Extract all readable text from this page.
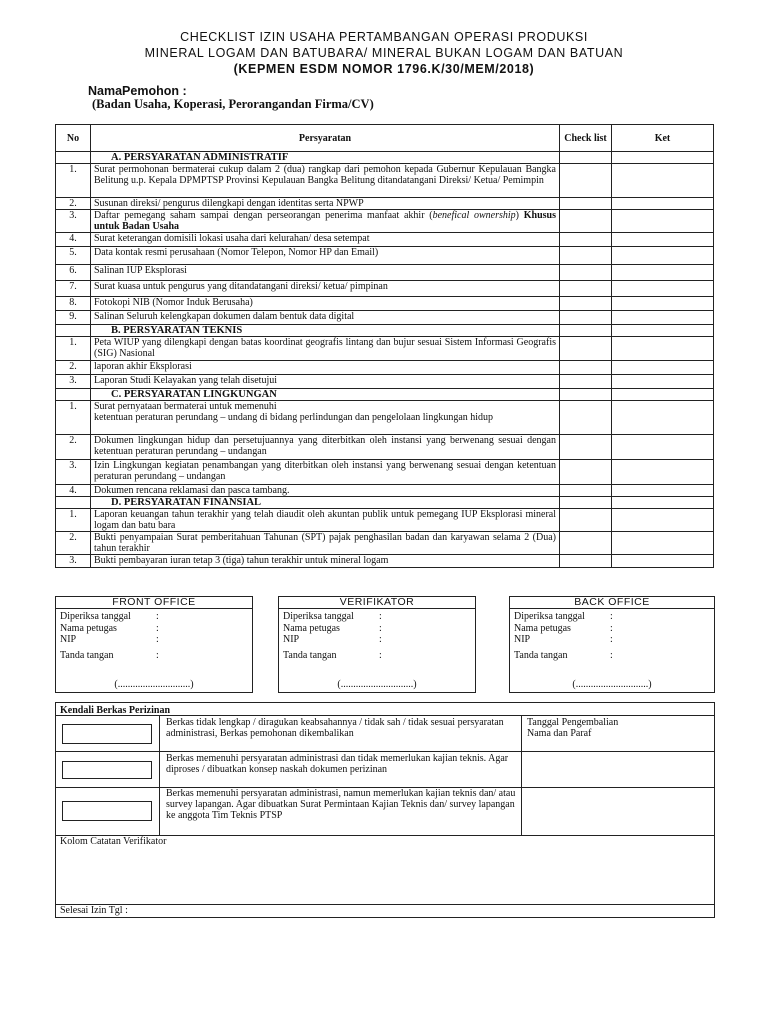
CHECKLIST IZIN USAHA PERTAMBANGAN OPERASI PRODUKSI
MINERAL LOGAM DAN BATUBARA/ MINERAL BUKAN LOGAM DAN BATUAN
(KEPMEN ESDM NOMOR 1796.K/30/MEM/2018)
NamaPemohon :
(Badan Usaha, Koperasi, Perorangandan Firma/CV)
No	Persyaratan	Check list	Ket
	A. PERSYARATAN ADMINISTRATIF		
1.	Surat permohonan bermaterai cukup dalam 2 (dua) rangkap dari pemohon kepada Gubernur Kepulauan Bangka Belitung u.p. Kepala DPMPTSP Provinsi Kepulauan Bangka Belitung ditandatangani Direksi/ Ketua/ Pemimpin		
2.	Susunan direksi/ pengurus dilengkapi dengan identitas serta NPWP		
3.	Daftar pemegang saham sampai dengan perseorangan penerima manfaat akhir (benefical ownership) Khusus untuk Badan Usaha		
4.	Surat keterangan domisili lokasi usaha dari kelurahan/ desa setempat		
5.	Data kontak resmi perusahaan (Nomor Telepon, Nomor HP dan Email)		
6.	Salinan IUP Eksplorasi		
7.	Surat kuasa untuk pengurus yang ditandatangani direksi/ ketua/ pimpinan		
8.	Fotokopi NIB (Nomor Induk Berusaha)		
9.	Salinan Seluruh kelengkapan dokumen dalam bentuk data digital		
	B. PERSYARATAN TEKNIS		
1.	Peta WIUP yang dilengkapi dengan batas koordinat geografis lintang dan bujur sesuai Sistem Informasi Geografis (SIG) Nasional		
2.	laporan akhir Eksplorasi		
3.	Laporan Studi Kelayakan yang telah disetujui		
	C. PERSYARATAN LINGKUNGAN		
1.	Surat pernyataan bermaterai untuk memenuhi
ketentuan peraturan perundang – undang di bidang perlindungan dan pengelolaan lingkungan hidup		
2.	Dokumen lingkungan hidup dan persetujuannya yang diterbitkan oleh instansi yang berwenang sesuai dengan ketentuan peraturan perundang – undangan		
3.	Izin Lingkungan kegiatan penambangan yang diterbitkan oleh instansi yang berwenang sesuai dengan ketentuan peraturan perundang – undangan		
4.	Dokumen rencana reklamasi dan pasca tambang.		
	D. PERSYARATAN FINANSIAL		
1.	Laporan keuangan tahun terakhir yang telah diaudit oleh akuntan publik untuk pemegang IUP Eksplorasi mineral logam dan batu bara		
2.	Bukti penyampaian Surat pemberitahuan Tahunan (SPT) pajak penghasilan badan dan karyawan selama 2 (Dua) tahun terakhir		
3.	Bukti pembayaran iuran tetap 3 (tiga) tahun terakhir untuk mineral logam		
FRONT OFFICE
Diperiksa tanggal	:
Nama petugas	:
NIP	:
Tanda tangan	:
(.............................)
VERIFIKATOR
Diperiksa tanggal	:
Nama petugas	:
NIP	:
Tanda tangan	:
(.............................)
BACK OFFICE
Diperiksa tanggal	:
Nama petugas	:
NIP	:
Tanda tangan	:
(.............................)
Kendali Berkas Perizinan
Berkas tidak lengkap / diragukan keabsahannya / tidak sah / tidak sesuai persyaratan administrasi, Berkas pemohonan dikembalikan
Tanggal Pengembalian
Nama dan Paraf
Berkas memenuhi persyaratan administrasi dan tidak memerlukan kajian teknis. Agar diproses / dibuatkan konsep naskah dokumen perizinan
Berkas memenuhi persyaratan administrasi, namun memerlukan kajian teknis dan/ atau survey lapangan. Agar dibuatkan Surat Permintaan Kajian Teknis dan/ survey lapangan ke anggota Tim Teknis PTSP
Kolom Catatan Verifikator
Selesai Izin Tgl :
